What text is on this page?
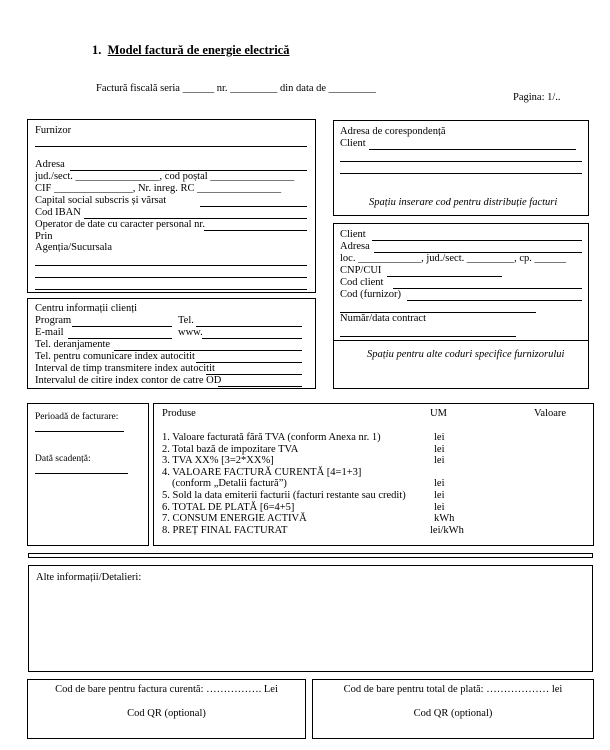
1. Model factură de energie electrică
Factură fiscală seria ______ nr. _________ din data de _________
Pagina: 1/..
Furnizor
Adresa
jud./sect. ________________, cod poștal ________________
CIF _______________, Nr. inreg. RC ________________
Capital social subscris și vărsat
Cod IBAN
Operator de date cu caracter personal nr.
Prin
Agenția/Sucursala
Adresa de corespondență
Client
Spațiu inserare cod pentru distribuție facturi
Client
Adresa
loc. ____________, jud./sect. _________, cp. ______
CNP/CUI
Cod client
Cod (furnizor)
Număr/data contract
Spațiu pentru alte coduri specifice furnizorului
Centru informații clienți
Program	Tel.
E-mail	www.
Tel. deranjamente
Tel. pentru comunicare index autocitit
Interval de timp transmitere index autocitit
Intervalul de citire index contor de catre OD
Perioadă de facturare:
Dată scadență:
Produse	UM	Valoare
1. Valoare facturată fără TVA (conform Anexa nr. 1)	lei
2. Total bază de impozitare TVA	lei
3. TVA XX% [3=2*XX%]	lei
4. VALOARE FACTURĂ CURENTĂ [4=1+3]
(conform „Detalii factură”)	lei
5. Sold la data emiterii facturii (facturi restante sau credit)	lei
6. TOTAL DE PLATĂ [6=4+5]	lei
7. CONSUM ENERGIE ACTIVĂ	kWh
8. PREȚ FINAL FACTURAT	lei/kWh
Alte informații/Detalieri:
Cod de bare pentru factura curentă: ……………. Lei
Cod QR (optional)
Cod de bare pentru total de plată: ……………… lei
Cod QR (optional)
